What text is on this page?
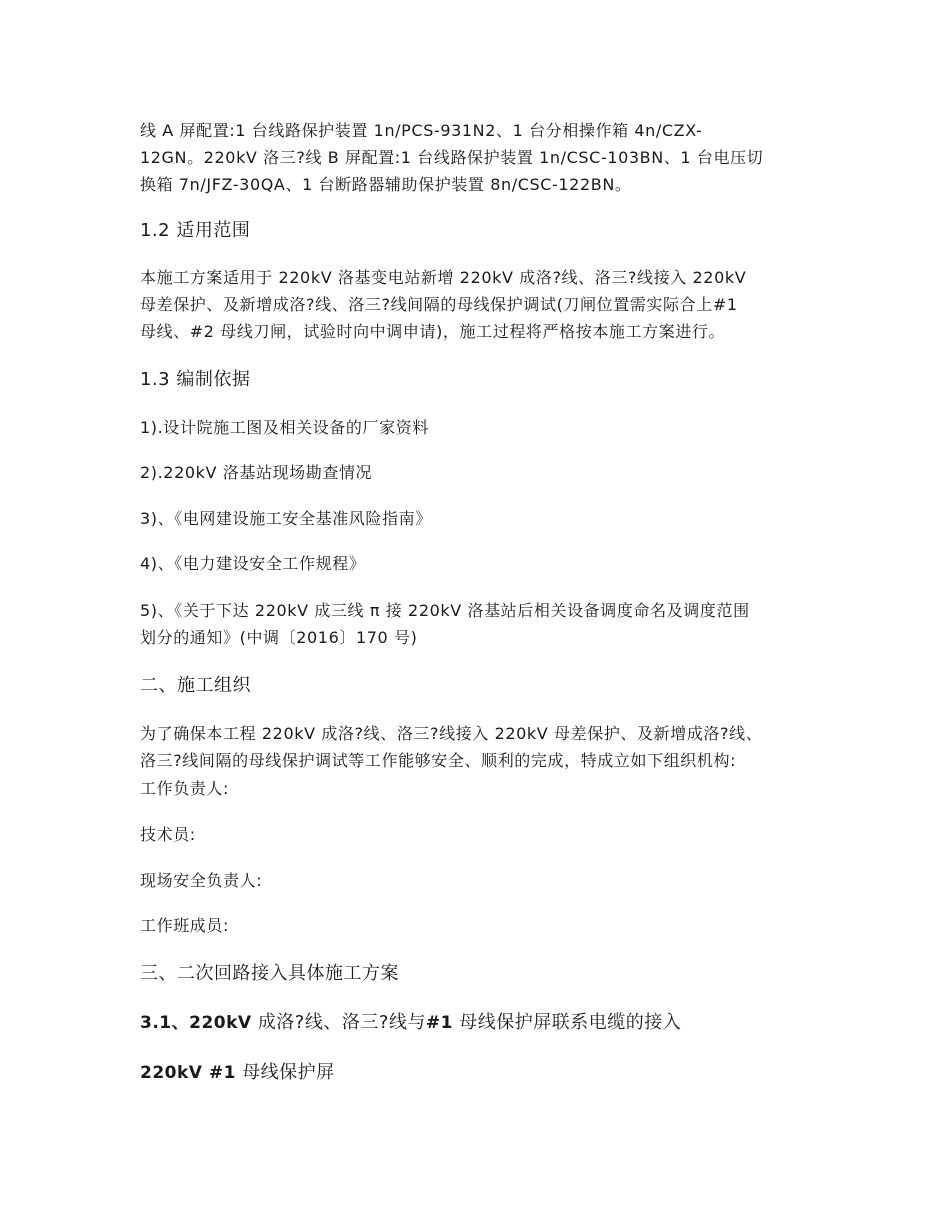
线 A 屏配置:1 台线路保护装置 1n/PCS-931N2、1 台分相操作箱 4n/CZX-
12GN。220kV 洛三?线 B 屏配置:1 台线路保护装置 1n/CSC-103BN、1 台电压切
换箱 7n/JFZ-30QA、1 台断路器辅助保护装置 8n/CSC-122BN。
1.2 适用范围
本施工方案适用于 220kV 洛基变电站新增 220kV 成洛?线、洛三?线接入 220kV
母差保护、及新增成洛?线、洛三?线间隔的母线保护调试(刀闸位置需实际合上#1
母线、#2 母线刀闸，试验时向中调申请)，施工过程将严格按本施工方案进行。
1.3 编制依据
1).设计院施工图及相关设备的厂家资料
2).220kV 洛基站现场勘查情况
3)、《电网建设施工安全基准风险指南》
4)、《电力建设安全工作规程》
5)、《关于下达 220kV 成三线 π 接 220kV 洛基站后相关设备调度命名及调度范围
划分的通知》(中调〔2016〕170 号)
二、施工组织
为了确保本工程 220kV 成洛?线、洛三?线接入 220kV 母差保护、及新增成洛?线、
洛三?线间隔的母线保护调试等工作能够安全、顺利的完成，特成立如下组织机构:
工作负责人:
技术员:
现场安全负责人:
工作班成员:
三、二次回路接入具体施工方案
3.1、220kV 成洛?线、洛三?线与#1 母线保护屏联系电缆的接入
220kV #1 母线保护屏
